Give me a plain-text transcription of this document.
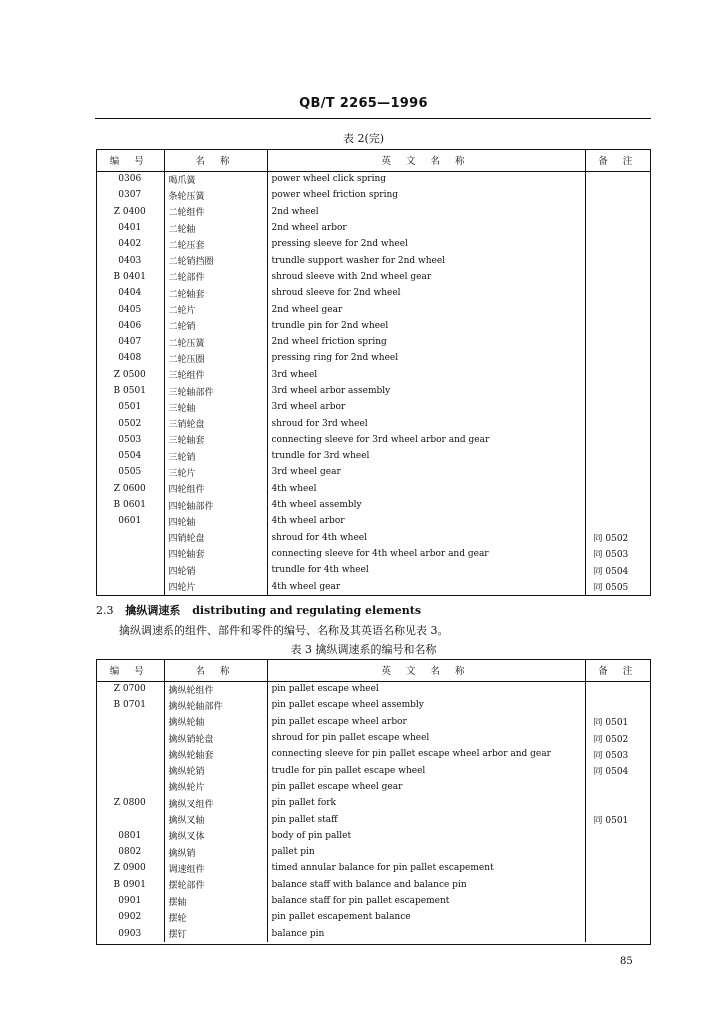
QB/T 2265—1996
表 2(完)
编 号	名 称	英 文 名 称	备 注
0306	喝爪簧	power wheel click spring	
0307	条轮压簧	power wheel friction spring	
Z 0400	二轮组件	2nd wheel	
0401	二轮轴	2nd wheel arbor	
0402	二轮压套	pressing sleeve for 2nd wheel	
0403	二轮销挡圈	trundle support washer for 2nd wheel	
B 0401	二轮部件	shroud sleeve with 2nd wheel gear	
0404	二轮轴套	shroud sleeve for 2nd wheel	
0405	二轮片	2nd wheel gear	
0406	二轮销	trundle pin for 2nd wheel	
0407	二轮压簧	2nd wheel friction spring	
0408	二轮压圈	pressing ring for 2nd wheel	
Z 0500	三轮组件	3rd wheel	
B 0501	三轮轴部件	3rd wheel arbor assembly	
0501	三轮轴	3rd wheel arbor	
0502	三销轮盘	shroud for 3rd wheel	
0503	三轮轴套	connecting sleeve for 3rd wheel arbor and gear	
0504	三轮销	trundle for 3rd wheel	
0505	三轮片	3rd wheel gear	
Z 0600	四轮组件	4th wheel	
B 0601	四轮轴部件	4th wheel assembly	
0601	四轮轴	4th wheel arbor	
	四销轮盘	shroud for 4th wheel	同 0502
	四轮轴套	connecting sleeve for 4th wheel arbor and gear	同 0503
	四轮销	trundle for 4th wheel	同 0504
	四轮片	4th wheel gear	同 0505
2.3 擒纵调速系 distributing and regulating elements
擒纵调速系的组件、部件和零件的编号、名称及其英语名称见表 3。
表 3 擒纵调速系的编号和名称
编 号	名 称	英 文 名 称	备 注
Z 0700	擒纵轮组件	pin pallet escape wheel	
B 0701	擒纵轮轴部件	pin pallet escape wheel assembly	
	擒纵轮轴	pin pallet escape wheel arbor	同 0501
	擒纵销轮盘	shroud for pin pallet escape wheel	同 0502
	擒纵轮轴套	connecting sleeve for pin pallet escape wheel arbor and gear	同 0503
	擒纵轮销	trudle for pin pallet escape wheel	同 0504
	擒纵轮片	pin pallet escape wheel gear	
Z 0800	擒纵叉组件	pin pallet fork	
	擒纵叉轴	pin pallet staff	同 0501
0801	擒纵叉体	body of pin pallet	
0802	擒纵销	pallet pin	
Z 0900	调速组件	timed annular balance for pin pallet escapement	
B 0901	摆轮部件	balance staff with balance and balance pin	
0901	摆轴	balance staff for pin pallet escapement	
0902	摆轮	pin pallet escapement balance	
0903	摆钉	balance pin	
85
